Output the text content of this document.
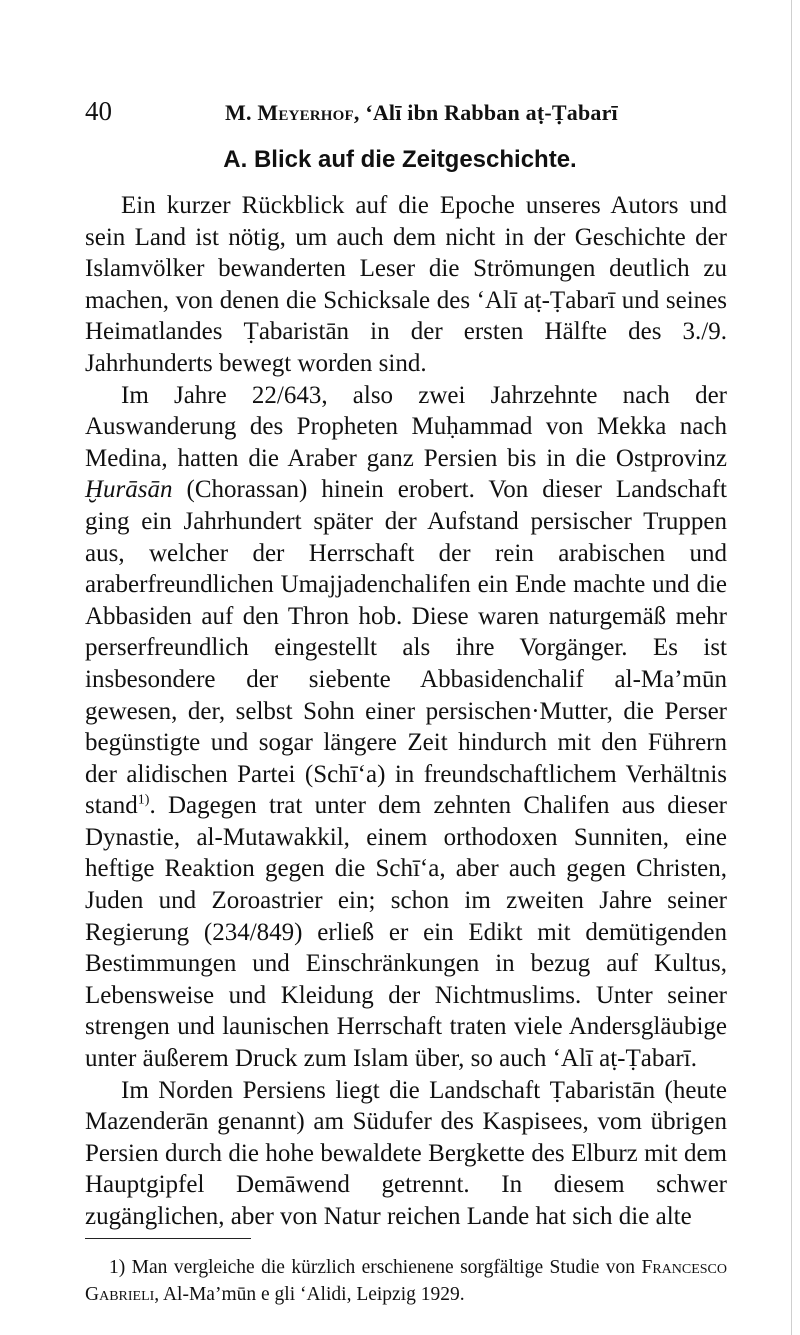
40	M. Meyerhof, ‘Alī ibn Rabban aṭ-Ṭabarī
A. Blick auf die Zeitgeschichte.

Ein kurzer Rückblick auf die Epoche unseres Autors und sein Land ist nötig, um auch dem nicht in der Geschichte der Islamvölker bewanderten Leser die Strömungen deutlich zu machen, von denen die Schicksale des ‘Alī aṭ-Ṭabarī und seines Heimatlandes Ṭabaristān in der ersten Hälfte des 3./9. Jahrhunderts bewegt worden sind.

Im Jahre 22/643, also zwei Jahrzehnte nach der Auswanderung des Propheten Muḥammad von Mekka nach Medina, hatten die Araber ganz Persien bis in die Ostprovinz Ḫurāsān (Chorassan) hinein erobert. Von dieser Landschaft ging ein Jahrhundert später der Aufstand persischer Truppen aus, welcher der Herrschaft der rein arabischen und araberfreundlichen Umajjadenchalifen ein Ende machte und die Abbasiden auf den Thron hob. Diese waren naturgemäß mehr perserfreundlich eingestellt als ihre Vorgänger. Es ist insbesondere der siebente Abbasidenchalif al-Ma’mūn gewesen, der, selbst Sohn einer persischen·Mutter, die Perser begünstigte und sogar längere Zeit hindurch mit den Führern der alidischen Partei (Schī‘a) in freundschaftlichem Verhältnis stand$^{1)}$. Dagegen trat unter dem zehnten Chalifen aus dieser Dynastie, al-Mutawakkil, einem orthodoxen Sunniten, eine heftige Reaktion gegen die Schī‘a, aber auch gegen Christen, Juden und Zoroastrier ein; schon im zweiten Jahre seiner Regierung (234/849) erließ er ein Edikt mit demütigenden Bestimmungen und Einschränkungen in bezug auf Kultus, Lebensweise und Kleidung der Nichtmuslims. Unter seiner strengen und launischen Herrschaft traten viele Andersgläubige unter äußerem Druck zum Islam über, so auch ‘Alī aṭ-Ṭabarī.

Im Norden Persiens liegt die Landschaft Ṭabaristān (heute Mazenderān genannt) am Südufer des Kaspisees, vom übrigen Persien durch die hohe bewaldete Bergkette des Elburz mit dem Hauptgipfel Demāwend getrennt. In diesem schwer zugänglichen, aber von Natur reichen Lande hat sich die alte

1) Man vergleiche die kürzlich erschienene sorgfältige Studie von Francesco Gabrieli, Al-Ma’mūn e gli ‘Alidi, Leipzig 1929.
